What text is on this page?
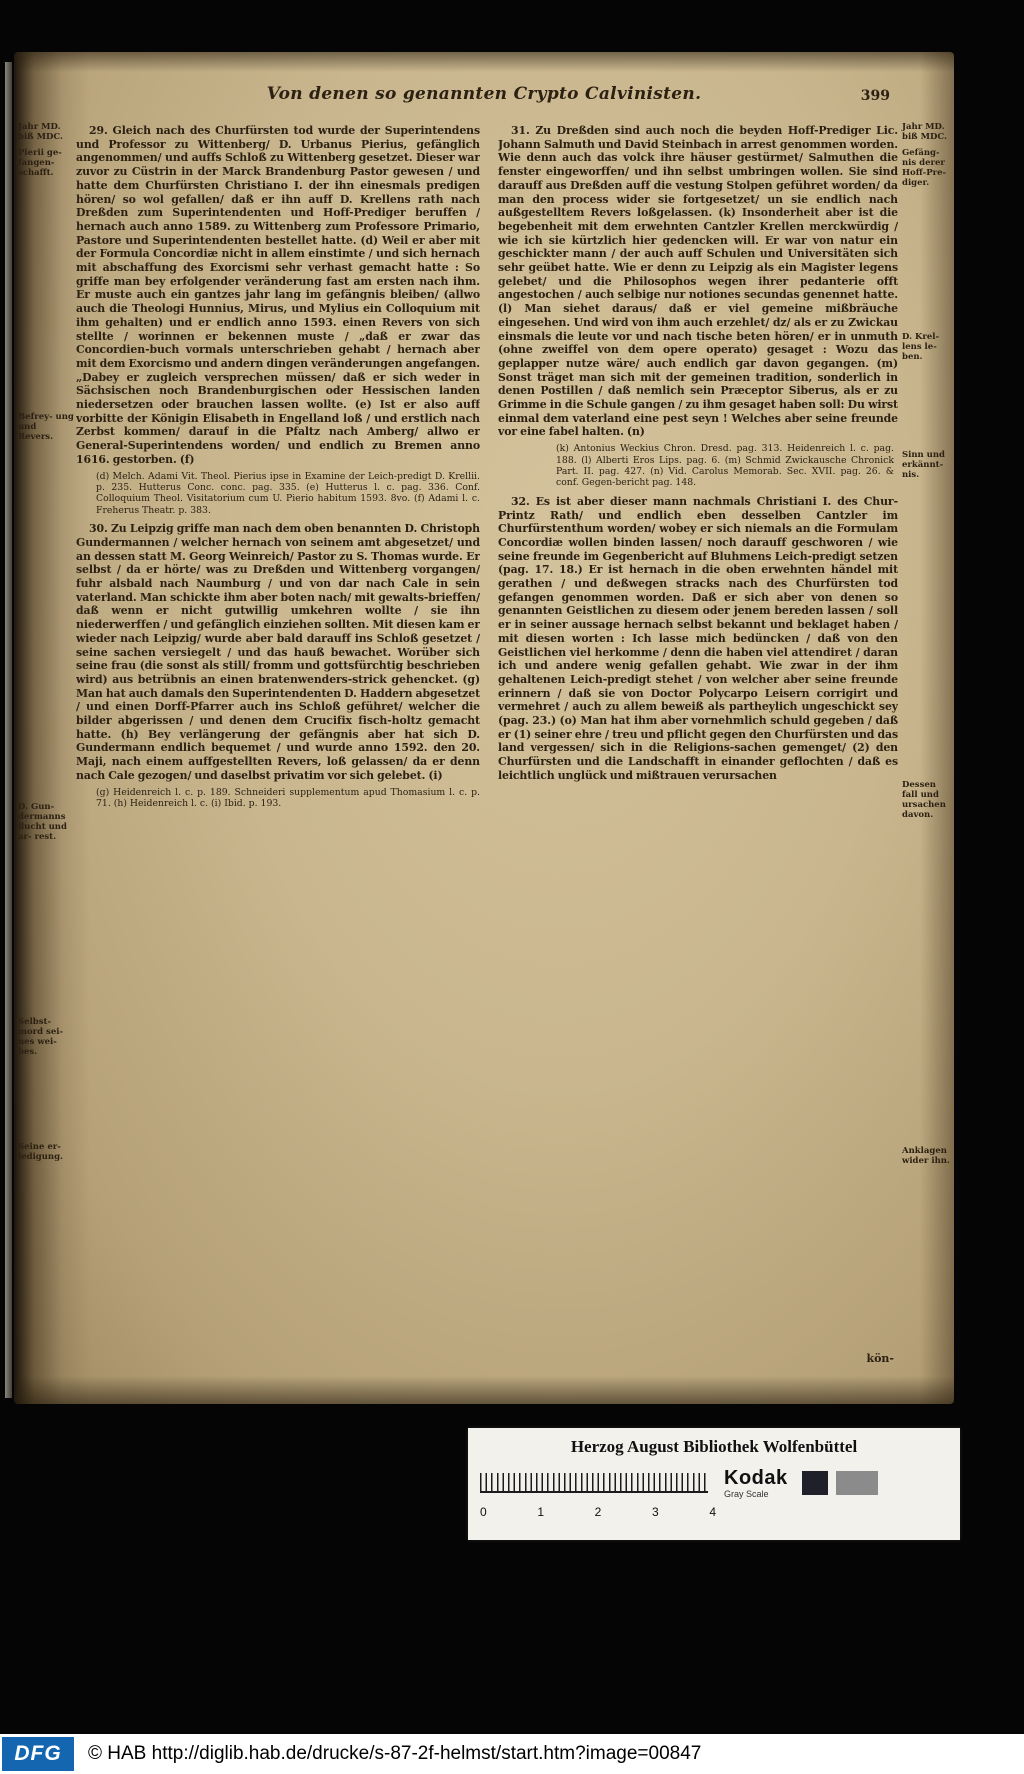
Von denen so genannten Crypto Calvinisten.	399
Jahr MD. biß MDC.
Pierii ge- fangen- schafft.
Befrey- ung und Revers.
D. Gun- dermanns flucht und ar- rest.
Selbst- mord sei- nes wei- bes.
Seine er- ledigung.

29. Gleich nach des Churfürsten tod wurde der Superintendens und Professor zu Wittenberg/ D. Urbanus Pierius, gefänglich angenommen/ und auffs Schloß zu Wittenberg gesetzet. Dieser war zuvor zu Cüstrin in der Marck Brandenburg Pastor gewesen / und hatte dem Churfürsten Christiano I. der ihn einesmals predigen hören/ so wol gefallen/ daß er ihn auff D. Krellens rath nach Dreßden zum Superintendenten und Hoff-Prediger beruffen / hernach auch anno 1589. zu Wittenberg zum Professore Primario, Pastore und Superintendenten bestellet hatte. (d) Weil er aber mit der Formula Concordiæ nicht in allem einstimte / und sich hernach mit abschaffung des Exorcismi sehr verhast gemacht hatte : So griffe man bey erfolgender veränderung fast am ersten nach ihm. Er muste auch ein gantzes jahr lang im gefängnis bleiben/ (allwo auch die Theologi Hunnius, Mirus, und Mylius ein Colloquium mit ihm gehalten) und er endlich anno 1593. einen Revers von sich stellte / worinnen er bekennen muste / „daß er zwar das Concordien-buch vormals unterschrieben gehabt / hernach aber mit dem Exorcismo und andern dingen veränderungen angefangen. „Dabey er zugleich versprechen müssen/ daß er sich weder in Sächsischen noch Brandenburgischen oder Hessischen landen niedersetzen oder brauchen lassen wollte. (e) Ist er also auff vorbitte der Königin Elisabeth in Engelland loß / und erstlich nach Zerbst kommen/ darauf in die Pfaltz nach Amberg/ allwo er General-Superintendens worden/ und endlich zu Bremen anno 1616. gestorben. (f)

(d) Melch. Adami Vit. Theol. Pierius ipse in Examine der Leich-predigt D. Krellii. p. 235. Hutterus Conc. conc. pag. 335. (e) Hutterus l. c. pag. 336. Conf. Colloquium Theol. Visitatorium cum U. Pierio habitum 1593. 8vo. (f) Adami l. c. Freherus Theatr. p. 383.

30. Zu Leipzig griffe man nach dem oben benannten D. Christoph Gundermannen / welcher hernach von seinem amt abgesetzet/ und an dessen statt M. Georg Weinreich/ Pastor zu S. Thomas wurde. Er selbst / da er hörte/ was zu Dreßden und Wittenberg vorgangen/ fuhr alsbald nach Naumburg / und von dar nach Cale in sein vaterland. Man schickte ihm aber boten nach/ mit gewalts-brieffen/ daß wenn er nicht gutwillig umkehren wollte / sie ihn niederwerffen / und gefänglich einziehen sollten. Mit diesen kam er wieder nach Leipzig/ wurde aber bald darauff ins Schloß gesetzet / seine sachen versiegelt / und das hauß bewachet. Worüber sich seine frau (die sonst als still/ fromm und gottsfürchtig beschrieben wird) aus betrübnis an einen bratenwenders-strick gehencket. (g) Man hat auch damals den Superintendenten D. Haddern abgesetzet / und einen Dorff-Pfarrer auch ins Schloß geführet/ welcher die bilder abgerissen / und denen dem Crucifix fisch-holtz gemacht hatte. (h) Bey verlängerung der gefängnis aber hat sich D. Gundermann endlich bequemet / und wurde anno 1592. den 20. Maji, nach einem auffgestellten Revers, loß gelassen/ da er denn nach Cale gezogen/ und daselbst privatim vor sich gelebet. (i)

(g) Heidenreich l. c. p. 189. Schneideri supplementum apud Thomasium l. c. p. 71. (h) Heidenreich l. c. (i) Ibid. p. 193.

31. Zu Dreßden sind auch noch die beyden Hoff-Prediger Lic. Johann Salmuth und David Steinbach in arrest genommen worden. Wie denn auch das volck ihre häuser gestürmet/ Salmuthen die fenster eingeworffen/ und ihn selbst umbringen wollen. Sie sind darauff aus Dreßden auff die vestung Stolpen geführet worden/ da man den process wider sie fortgesetzet/ un sie endlich nach außgestelltem Revers loßgelassen. (k) Insonderheit aber ist die begebenheit mit dem erwehnten Cantzler Krellen merckwürdig / wie ich sie kürtzlich hier gedencken will. Er war von natur ein geschickter mann / der auch auff Schulen und Universitäten sich sehr geübet hatte. Wie er denn zu Leipzig als ein Magister legens gelebet/ und die Philosophos wegen ihrer pedanterie offt angestochen / auch selbige nur notiones secundas genennet hatte. (l) Man siehet daraus/ daß er viel gemeine mißbräuche eingesehen. Und wird von ihm auch erzehlet/ dz/ als er zu Zwickau einsmals die leute vor und nach tische beten hören/ er in unmuth (ohne zweiffel von dem opere operato) gesaget : Wozu das geplapper nutze wäre/ auch endlich gar davon gegangen. (m) Sonst träget man sich mit der gemeinen tradition, sonderlich in denen Postillen / daß nemlich sein Præceptor Siberus, als er zu Grimme in die Schule gangen / zu ihm gesaget haben soll: Du wirst einmal dem vaterland eine pest seyn ! Welches aber seine freunde vor eine fabel halten. (n)

(k) Antonius Weckius Chron. Dresd. pag. 313. Heidenreich l. c. pag. 188. (l) Alberti Eros Lips. pag. 6. (m) Schmid Zwickausche Chronick Part. II. pag. 427. (n) Vid. Carolus Memorab. Sec. XVII. pag. 26. & conf. Gegen-bericht pag. 148.

32. Es ist aber dieser mann nachmals Christiani I. des Chur-Printz Rath/ und endlich eben desselben Cantzler im Churfürstenthum worden/ wobey er sich niemals an die Formulam Concordiæ wollen binden lassen/ noch darauff geschworen / wie seine freunde im Gegenbericht auf Bluhmens Leich-predigt setzen (pag. 17. 18.) Er ist hernach in die oben erwehnten händel mit gerathen / und deßwegen stracks nach des Churfürsten tod gefangen genommen worden. Daß er sich aber von denen so genannten Geistlichen zu diesem oder jenem bereden lassen / soll er in seiner aussage hernach selbst bekannt und beklaget haben / mit diesen worten : Ich lasse mich bedüncken / daß von den Geistlichen viel herkomme / denn die haben viel attendiret / daran ich und andere wenig gefallen gehabt. Wie zwar in der ihm gehaltenen Leich-predigt stehet / von welcher aber seine freunde erinnern / daß sie von Doctor Polycarpo Leisern corrigirt und vermehret / auch zu allem beweiß als partheylich ungeschickt sey (pag. 23.) (o) Man hat ihm aber vornehmlich schuld gegeben / daß er (1) seiner ehre / treu und pflicht gegen den Churfürsten und das land vergessen/ sich in die Religions-sachen gemenget/ (2) den Churfürsten und die Landschafft in einander geflochten / daß es leichtlich unglück und mißtrauen verursachen

Jahr MD. biß MDC.
Gefäng- nis derer Hoff-Pre- diger.
D. Krel- lens le- ben.
Sinn und erkännt- nis.
Dessen fall und ursachen davon.
Anklagen wider ihn.
kön-
Herzog August Bibliothek Wolfenbüttel
Kodak
Gray Scale
0	1	2	3	4
DFG	© HAB http://diglib.hab.de/drucke/s-87-2f-helmst/start.htm?image=00847
